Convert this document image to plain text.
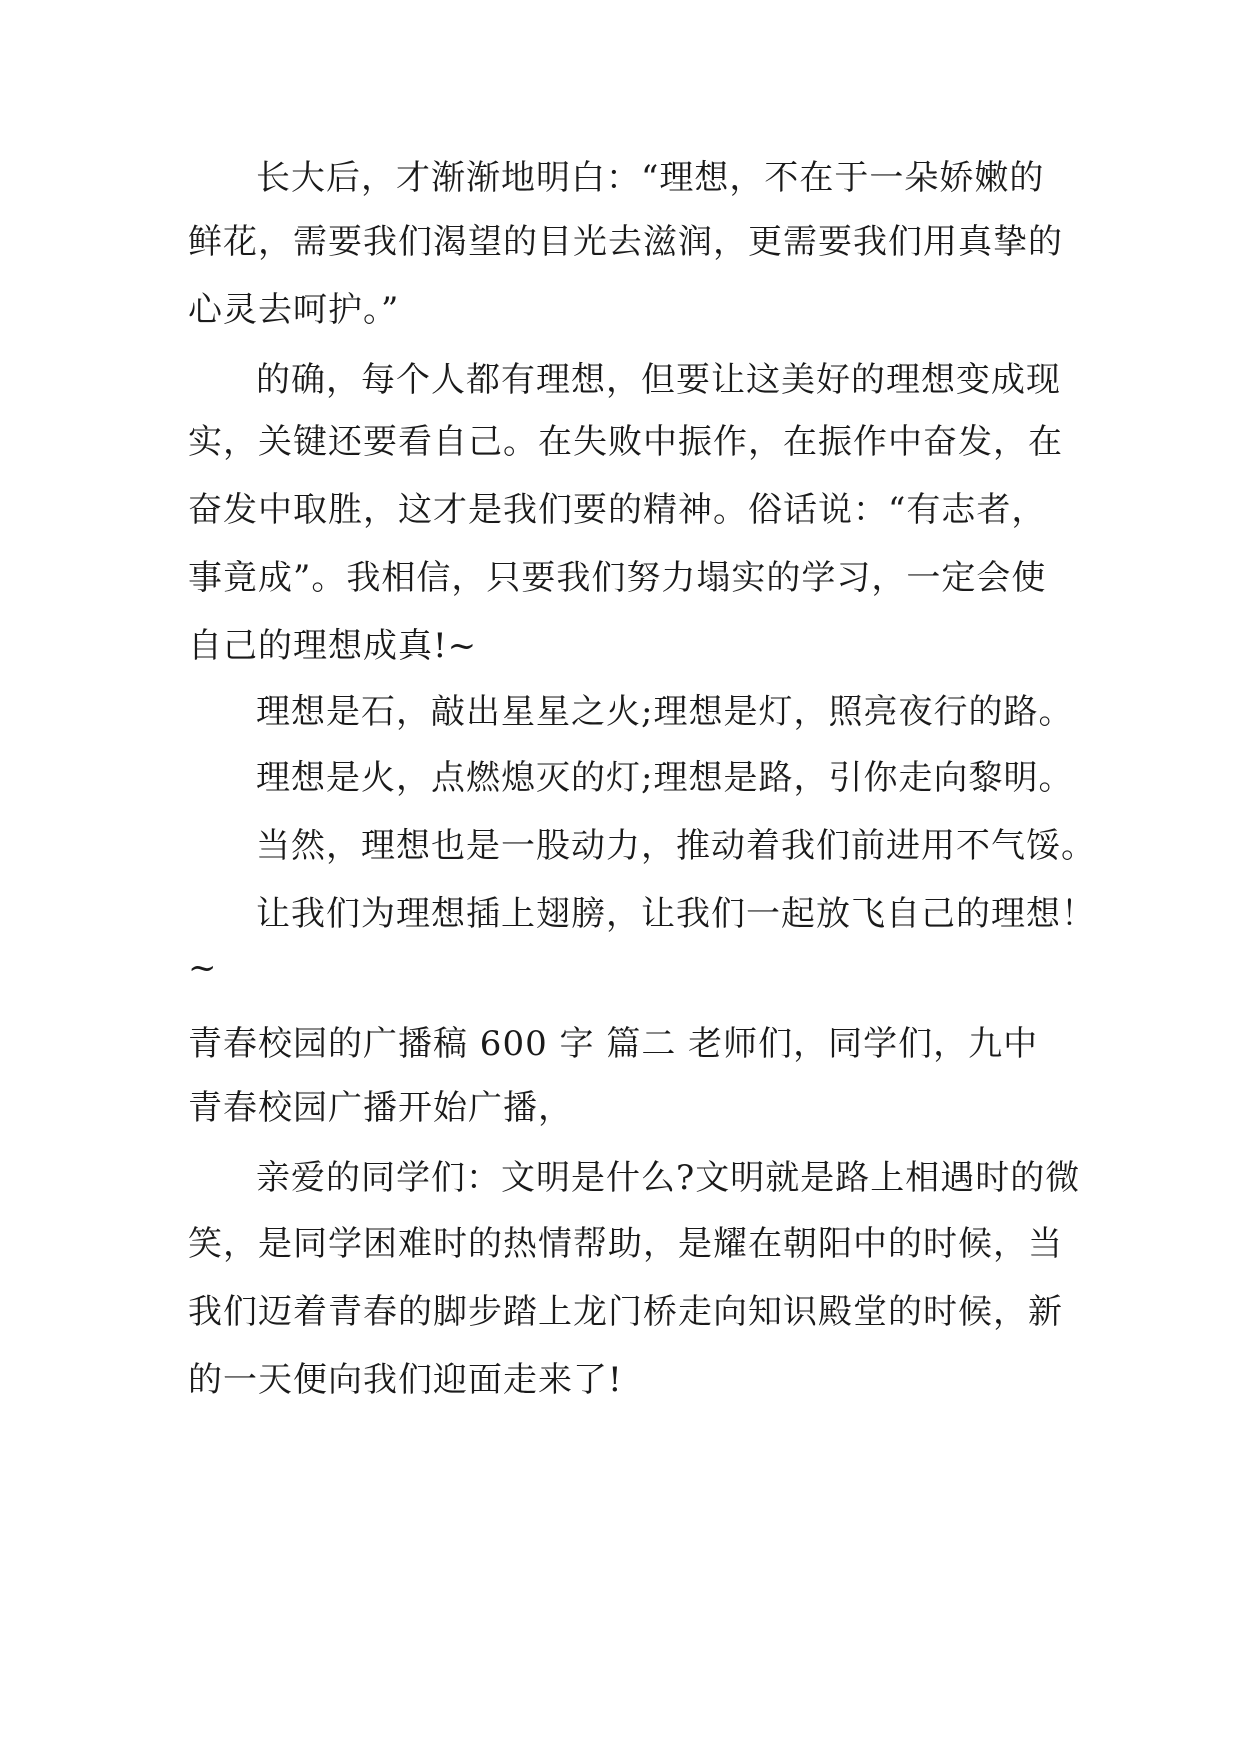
长大后，才渐渐地明白：“理想，不在于一朵娇嫩的
鲜花，需要我们渴望的目光去滋润，更需要我们用真挚的
心灵去呵护。”
的确，每个人都有理想，但要让这美好的理想变成现
实，关键还要看自己。在失败中振作，在振作中奋发，在
奋发中取胜，这才是我们要的精神。俗话说：“有志者，
事竟成”。我相信，只要我们努力塌实的学习，一定会使
自己的理想成真!~
理想是石，敲出星星之火;理想是灯，照亮夜行的路。
理想是火，点燃熄灭的灯;理想是路，引你走向黎明。
当然，理想也是一股动力，推动着我们前进用不气馁。
让我们为理想插上翅膀，让我们一起放飞自己的理想！
~
青春校园的广播稿 600 字 篇二 老师们，同学们，九中
青春校园广播开始广播，
亲爱的同学们：文明是什么?文明就是路上相遇时的微
笑，是同学困难时的热情帮助，是耀在朝阳中的时候，当
我们迈着青春的脚步踏上龙门桥走向知识殿堂的时候，新
的一天便向我们迎面走来了!
